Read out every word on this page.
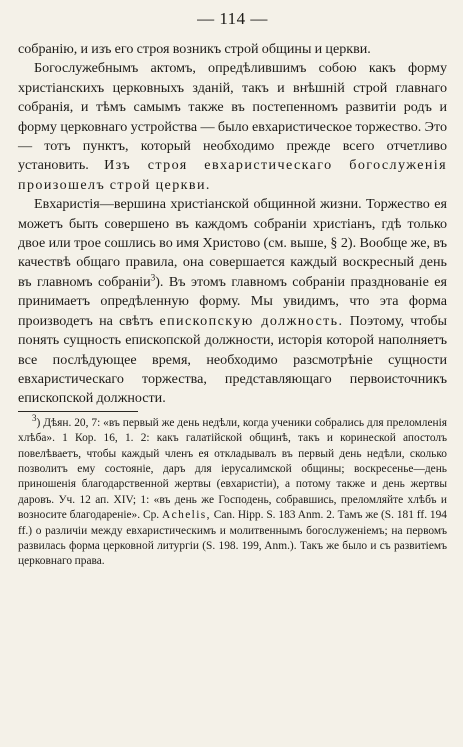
— 114 —

собранію, и изъ его строя возникъ строй общины и церкви.

Богослужебнымъ актомъ, опредѣлившимъ собою какъ форму христіанскихъ церковныхъ зданій, такъ и внѣшній строй главнаго собранія, и тѣмъ самымъ также въ постепенномъ развитіи родъ и форму церковнаго устройства — было евхаристическое торжество. Это — тотъ пунктъ, который необходимо прежде всего отчетливо установить. Изъ строя евхаристическаго богослуженія произошелъ строй церкви.

Евхаристія—вершина христіанской общинной жизни. Торжество ея можетъ быть совершено въ каждомъ собраніи христіанъ, гдѣ только двое или трое сошлись во имя Христово (см. выше, § 2). Вообще же, въ качествѣ общаго правила, она совершается каждый воскресный день въ главномъ собраніи$^3$). Въ этомъ главномъ собраніи празднованіе ея принимаетъ опредѣленную форму. Мы увидимъ, что эта форма производетъ на свѣтъ епископскую должность. Поэтому, чтобы понять сущность епископской должности, исторія которой наполняетъ все послѣдующее время, необходимо разсмотрѣніе сущности евхаристическаго торжества, представляющаго первоисточникъ епископской должности.

$^3$) Дѣян. 20, 7: «въ первый же день недѣли, когда ученики собрались для преломленія хлѣба». 1 Кор. 16, 1. 2: какъ галатійской общинѣ, такъ и коринеской апостолъ повелѣваетъ, чтобы каждый членъ ея откладывалъ въ первый день недѣли, сколько позволитъ ему состояніе, даръ для іерусалимской общины; воскресенье—день приношенія благодарственной жертвы (евхаристіи), а потому также и день жертвы даровъ. Уч. 12 ап. XIV; 1: «въ день же Господень, собравшись, преломляйте хлѣбъ и возносите благодареніе». Ср. Achelis, Can. Hipp. S. 183 Anm. 2. Тамъ же (S. 181 ff. 194 ff.) о различіи между евхаристическимъ и молитвеннымъ богослуженіемъ; на первомъ развилась форма церковной литургіи (S. 198. 199, Anm.). Такъ же было и съ развитіемъ церковнаго права.
